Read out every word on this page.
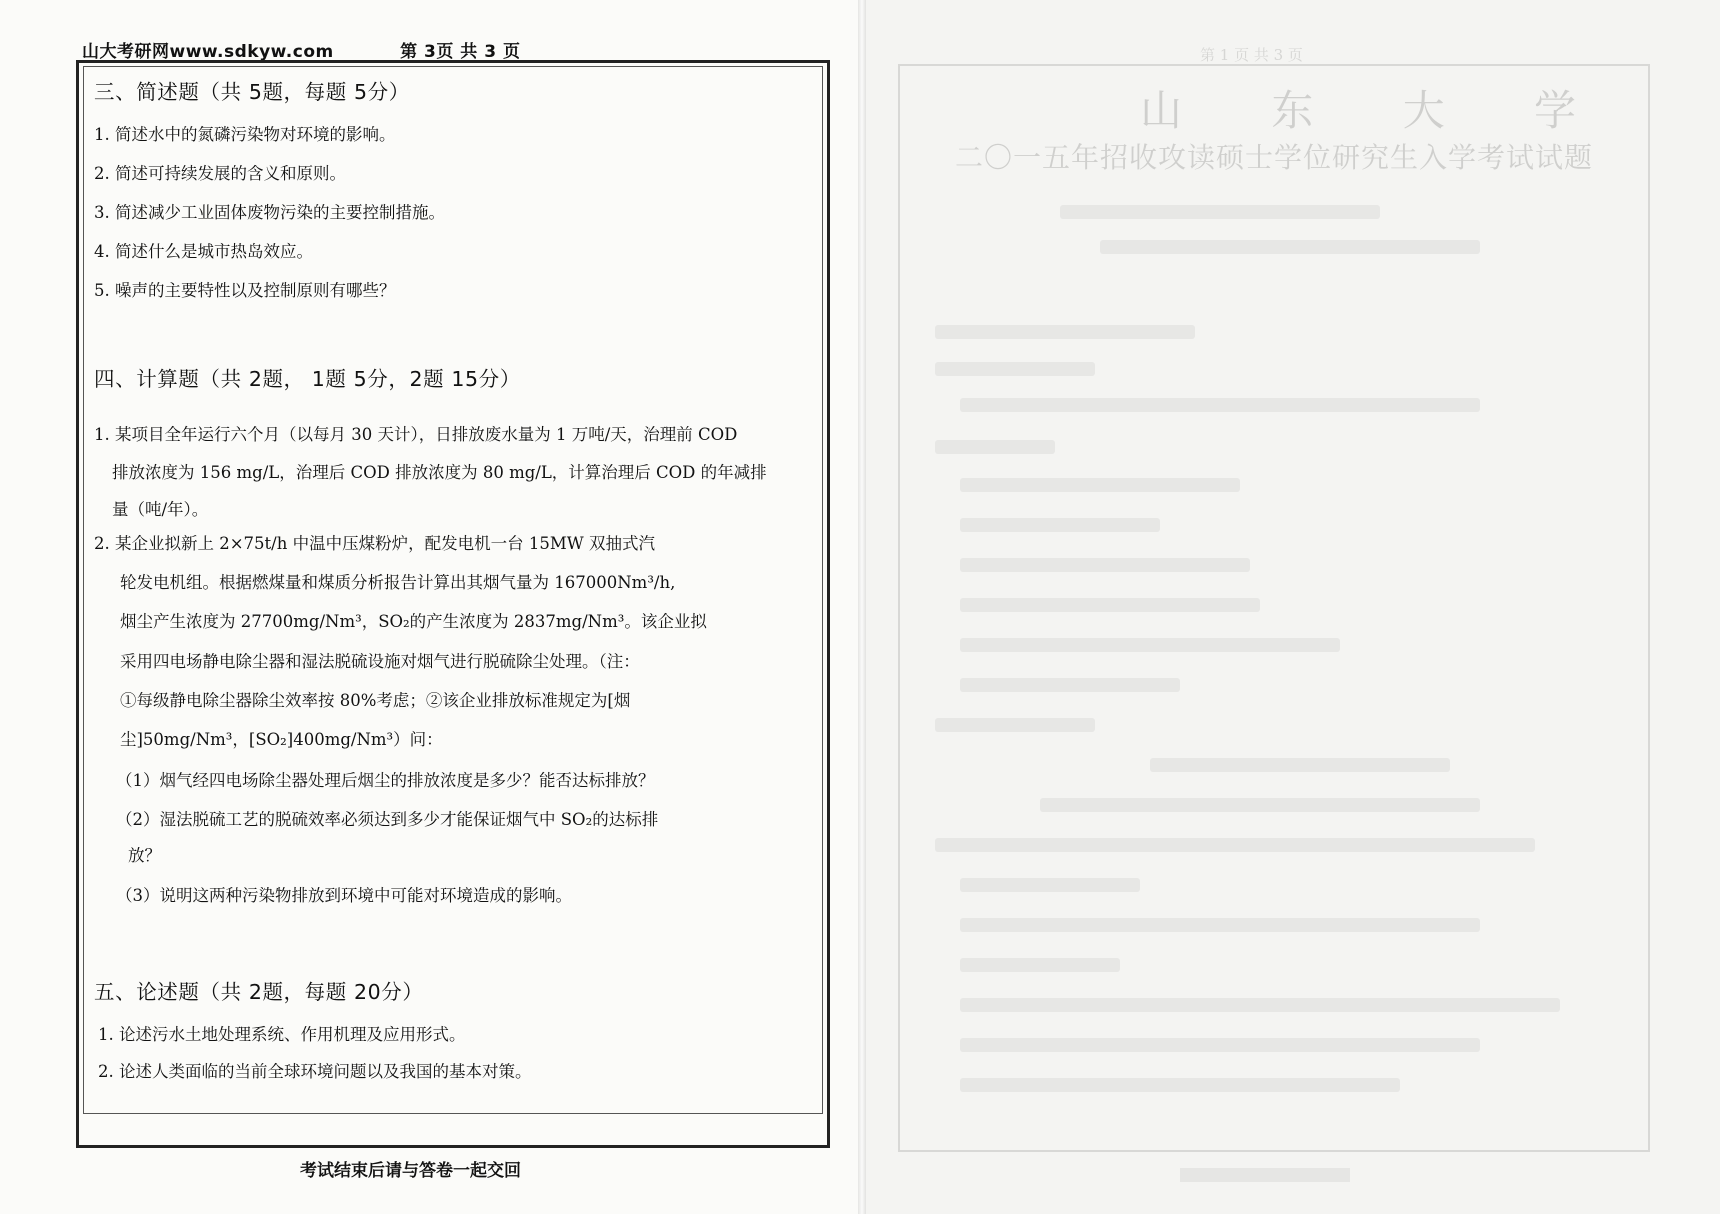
第 1 页 共 3 页
山 东 大 学
二〇一五年招收攻读硕士学位研究生入学考试试题
山大考研网www.sdkyw.com	第 3页 共 3 页
三、简述题（共 5题，每题 5分）
1. 简述水中的氮磷污染物对环境的影响。
2. 简述可持续发展的含义和原则。
3. 简述减少工业固体废物污染的主要控制措施。
4. 简述什么是城市热岛效应。
5. 噪声的主要特性以及控制原则有哪些？
四、计算题（共 2题， 1题 5分，2题 15分）
1. 某项目全年运行六个月（以每月 30 天计），日排放废水量为 1 万吨/天，治理前 COD
排放浓度为 156 mg/L，治理后 COD 排放浓度为 80 mg/L，计算治理后 COD 的年减排
量（吨/年）。
2. 某企业拟新上 2×75t/h 中温中压煤粉炉，配发电机一台 15MW 双抽式汽
轮发电机组。根据燃煤量和煤质分析报告计算出其烟气量为 167000Nm³/h,
烟尘产生浓度为 27700mg/Nm³，SO₂的产生浓度为 2837mg/Nm³。该企业拟
采用四电场静电除尘器和湿法脱硫设施对烟气进行脱硫除尘处理。（注：
①每级静电除尘器除尘效率按 80%考虑；②该企业排放标准规定为[烟
尘]50mg/Nm³，[SO₂]400mg/Nm³）问：
（1）烟气经四电场除尘器处理后烟尘的排放浓度是多少？能否达标排放？
（2）湿法脱硫工艺的脱硫效率必须达到多少才能保证烟气中 SO₂的达标排
放？
（3）说明这两种污染物排放到环境中可能对环境造成的影响。
五、论述题（共 2题，每题 20分）
1. 论述污水土地处理系统、作用机理及应用形式。
2. 论述人类面临的当前全球环境问题以及我国的基本对策。
考试结束后请与答卷一起交回
